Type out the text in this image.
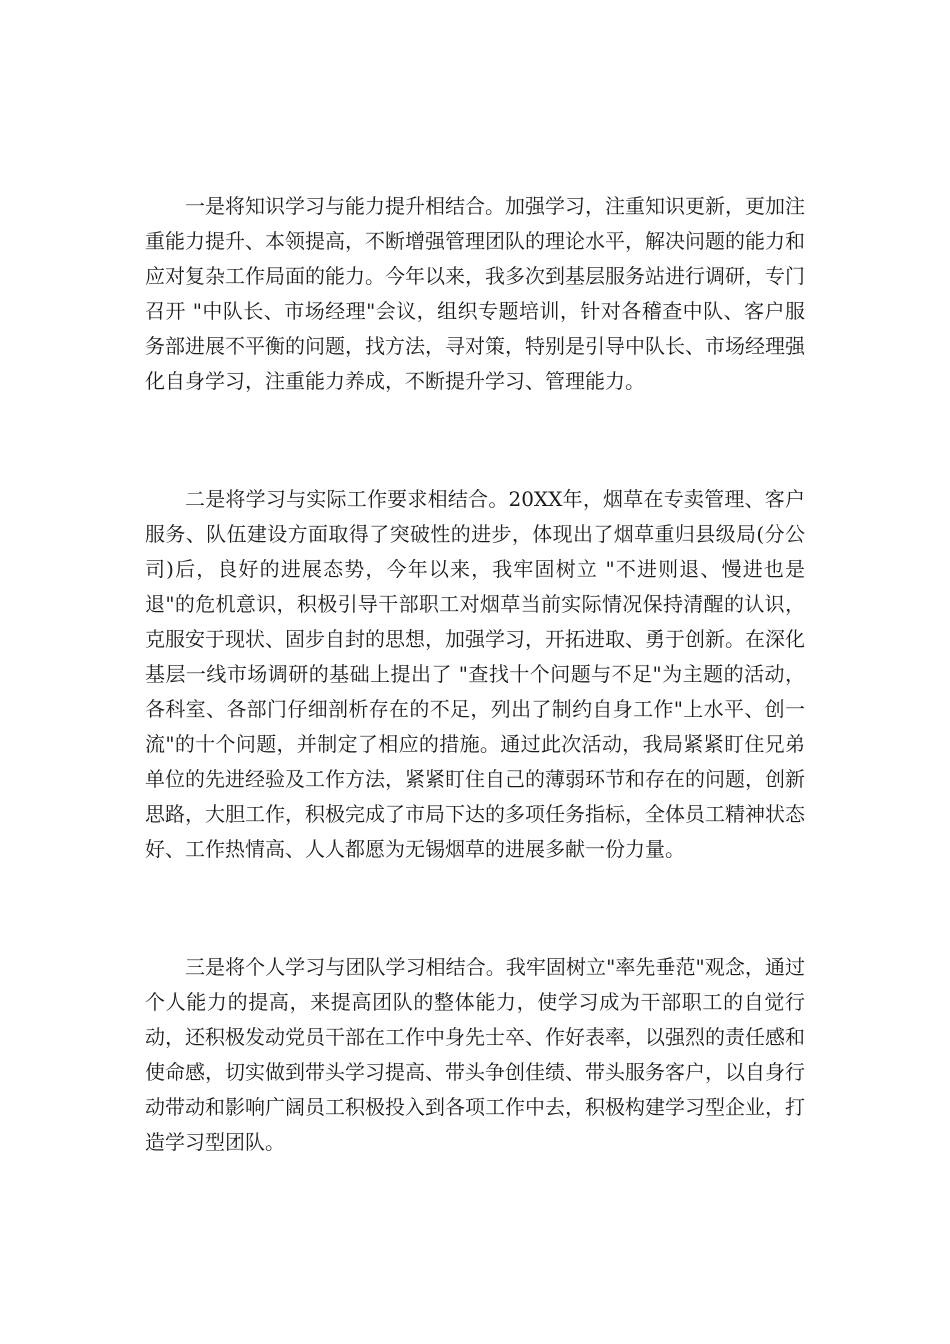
一是将知识学习与能力提升相结合。加强学习，注重知识更新，更加注重能力提升、本领提高，不断增强管理团队的理论水平，解决问题的能力和应对复杂工作局面的能力。今年以来，我多次到基层服务站进行调研，专门召开 "中队长、市场经理"会议，组织专题培训，针对各稽查中队、客户服务部进展不平衡的问题，找方法，寻对策，特别是引导中队长、市场经理强化自身学习，注重能力养成，不断提升学习、管理能力。

二是将学习与实际工作要求相结合。20XX年，烟草在专卖管理、客户服务、队伍建设方面取得了突破性的进步，体现出了烟草重归县级局(分公司)后，良好的进展态势，今年以来，我牢固树立 "不进则退、慢进也是退"的危机意识，积极引导干部职工对烟草当前实际情况保持清醒的认识，克服安于现状、固步自封的思想，加强学习，开拓进取、勇于创新。在深化基层一线市场调研的基础上提出了 "查找十个问题与不足"为主题的活动，各科室、各部门仔细剖析存在的不足，列出了制约自身工作"上水平、创一流"的十个问题，并制定了相应的措施。通过此次活动，我局紧紧盯住兄弟单位的先进经验及工作方法，紧紧盯住自己的薄弱环节和存在的问题，创新思路，大胆工作，积极完成了市局下达的多项任务指标，全体员工精神状态好、工作热情高、人人都愿为无锡烟草的进展多献一份力量。

三是将个人学习与团队学习相结合。我牢固树立"率先垂范"观念，通过个人能力的提高，来提高团队的整体能力，使学习成为干部职工的自觉行动，还积极发动党员干部在工作中身先士卒、作好表率，以强烈的责任感和使命感，切实做到带头学习提高、带头争创佳绩、带头服务客户，以自身行动带动和影响广阔员工积极投入到各项工作中去，积极构建学习型企业，打造学习型团队。
